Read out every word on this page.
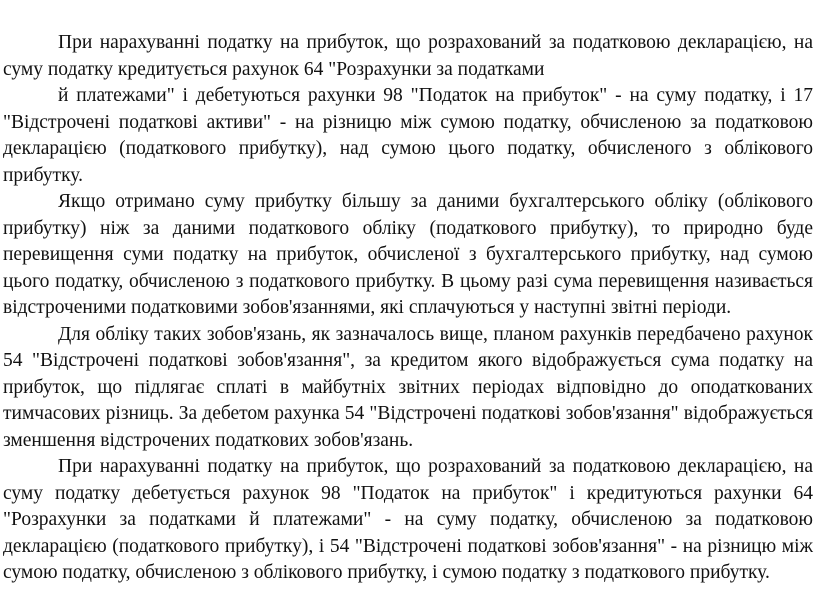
При нарахуванні податку на прибуток, що розрахований за податковою декларацією, на суму податку кредитується рахунок 64 "Розрахунки за податками

й платежами" і дебетуються рахунки 98 "Податок на прибуток" - на суму податку, і 17 "Відстрочені податкові активи" - на різницю між сумою податку, обчисленою за податковою декларацією (податкового прибутку), над сумою цього податку, обчисленого з облікового прибутку.

Якщо отримано суму прибутку більшу за даними бухгалтерського обліку (облікового прибутку) ніж за даними податкового обліку (податкового прибутку), то природно буде перевищення суми податку на прибуток, обчисленої з бухгалтерського прибутку, над сумою цього податку, обчисленою з податкового прибутку. В цьому разі сума перевищення називається відстроченими податковими зобов'язаннями, які сплачуються у наступні звітні періоди.

Для обліку таких зобов'язань, як зазначалось вище, планом рахунків передбачено рахунок 54 "Відстрочені податкові зобов'язання", за кредитом якого відображується сума податку на прибуток, що підлягає сплаті в майбутніх звітних періодах відповідно до оподаткованих тимчасових різниць. За дебетом рахунка 54 "Відстрочені податкові зобов'язання" відображується зменшення відстрочених податкових зобов'язань.

При нарахуванні податку на прибуток, що розрахований за податковою декларацією, на суму податку дебетується рахунок 98 "Податок на прибуток" і кредитуються рахунки 64 "Розрахунки за податками й платежами" - на суму податку, обчисленою за податковою декларацією (податкового прибутку), і 54 "Відстрочені податкові зобов'язання" - на різницю між сумою податку, обчисленою з облікового прибутку, і сумою податку з податкового прибутку.
